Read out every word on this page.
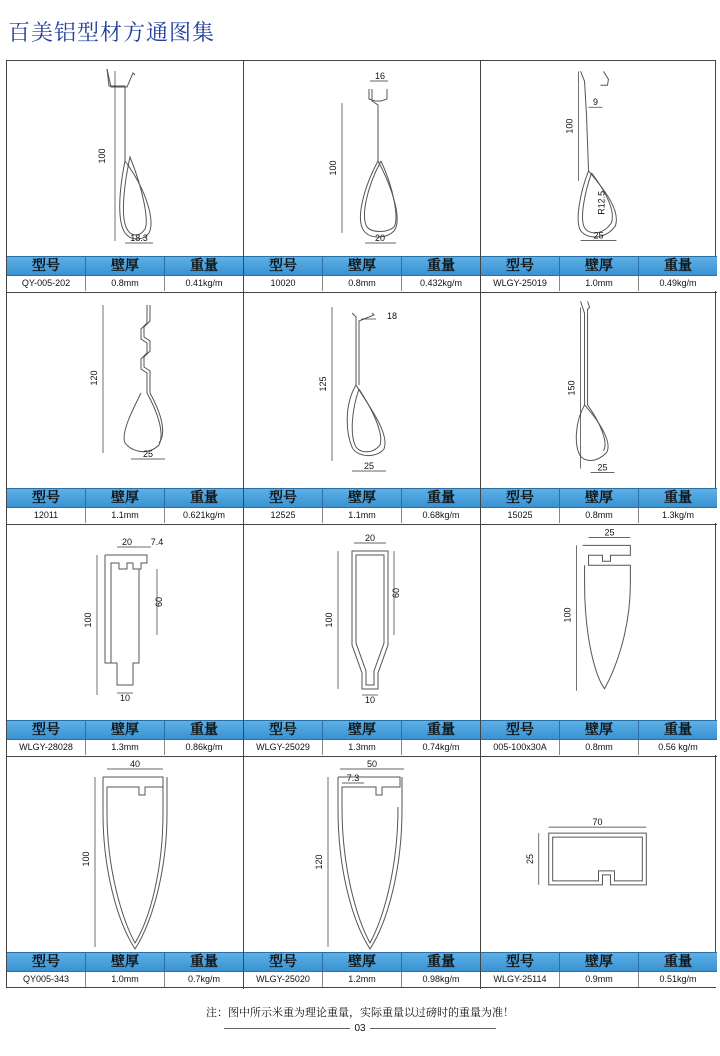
百美铝型材方通图集
100
18.3
型号	壁厚	重量
QY-005-202	0.8mm	0.41kg/m
16
100
20
型号	壁厚	重量
10020	0.8mm	0.432kg/m
9
100
R12.5
25
型号	壁厚	重量
WLGY-25019	1.0mm	0.49kg/m
120
25
型号	壁厚	重量
12011	1.1mm	0.621kg/m
18
125
25
型号	壁厚	重量
12525	1.1mm	0.68kg/m
150
25
型号	壁厚	重量
15025	0.8mm	1.3kg/m
20 7.4
60
100
10
型号	壁厚	重量
WLGY-28028	1.3mm	0.86kg/m
20
60
100
10
型号	壁厚	重量
WLGY-25029	1.3mm	0.74kg/m
25
100
型号	壁厚	重量
005-100x30A	0.8mm	0.56 kg/m
40
100
型号	壁厚	重量
QY005-343	1.0mm	0.7kg/m
50
7.3
120
型号	壁厚	重量
WLGY-25020	1.2mm	0.98kg/m
70
25
型号	壁厚	重量
WLGY-25114	0.9mm	0.51kg/m
注：图中所示米重为理论重量，实际重量以过磅时的重量为准！
03
